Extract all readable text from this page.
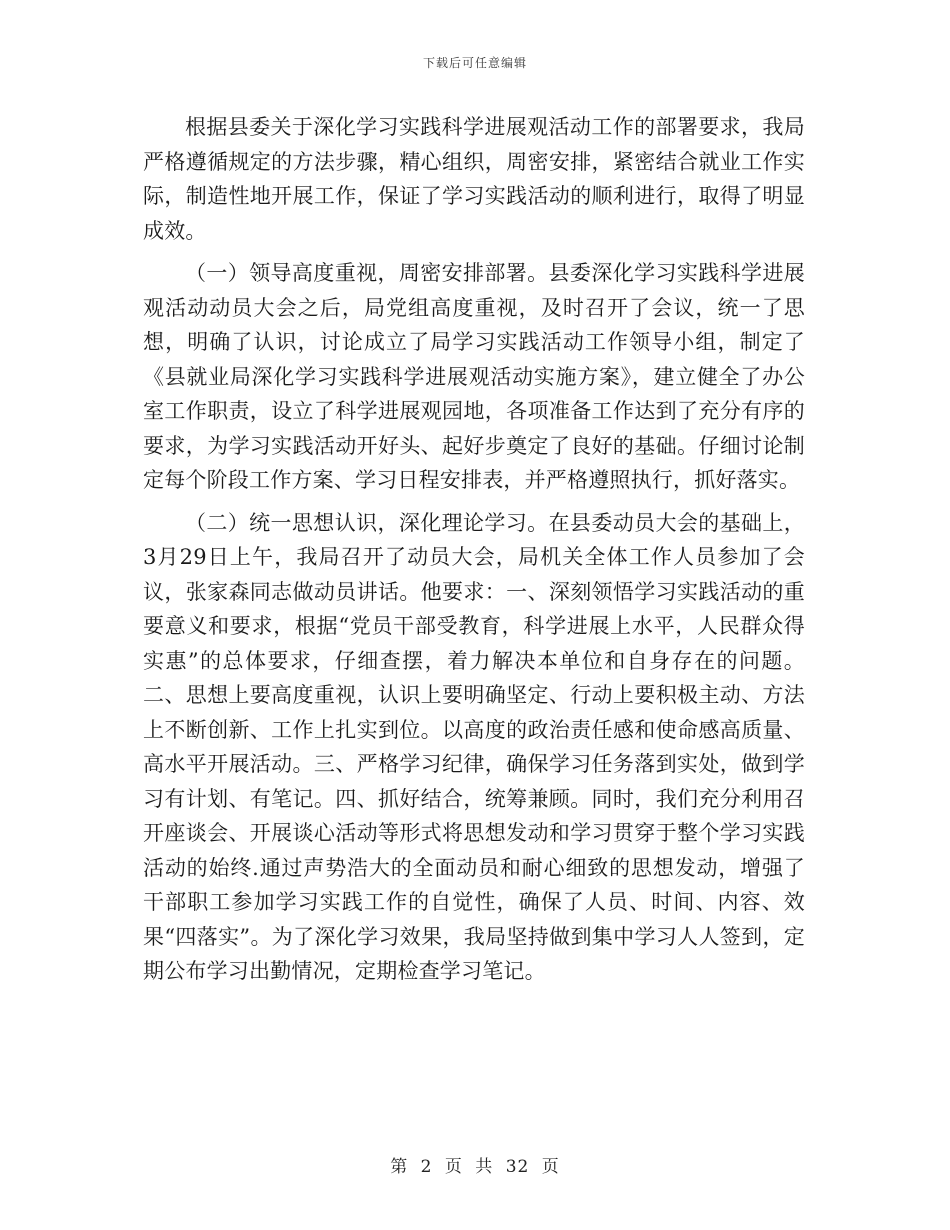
下载后可任意编辑

根据县委关于深化学习实践科学进展观活动工作的部署要求，我局严格遵循规定的方法步骤，精心组织，周密安排，紧密结合就业工作实际，制造性地开展工作，保证了学习实践活动的顺利进行，取得了明显成效。

（一）领导高度重视，周密安排部署。县委深化学习实践科学进展观活动动员大会之后，局党组高度重视，及时召开了会议，统一了思想，明确了认识，讨论成立了局学习实践活动工作领导小组，制定了《县就业局深化学习实践科学进展观活动实施方案》，建立健全了办公室工作职责，设立了科学进展观园地，各项准备工作达到了充分有序的要求，为学习实践活动开好头、起好步奠定了良好的基础。仔细讨论制定每个阶段工作方案、学习日程安排表，并严格遵照执行，抓好落实。

（二）统一思想认识，深化理论学习。在县委动员大会的基础上，3月29日上午，我局召开了动员大会，局机关全体工作人员参加了会议，张家森同志做动员讲话。他要求：一、深刻领悟学习实践活动的重要意义和要求，根据“党员干部受教育，科学进展上水平，人民群众得实惠”的总体要求，仔细查摆，着力解决本单位和自身存在的问题。二、思想上要高度重视，认识上要明确坚定、行动上要积极主动、方法上不断创新、工作上扎实到位。以高度的政治责任感和使命感高质量、高水平开展活动。三、严格学习纪律，确保学习任务落到实处，做到学习有计划、有笔记。四、抓好结合，统筹兼顾。同时，我们充分利用召开座谈会、开展谈心活动等形式将思想发动和学习贯穿于整个学习实践活动的始终.通过声势浩大的全面动员和耐心细致的思想发动，增强了干部职工参加学习实践工作的自觉性，确保了人员、时间、内容、效果“四落实”。为了深化学习效果，我局坚持做到集中学习人人签到，定期公布学习出勤情况，定期检查学习笔记。

第 2 页 共 32 页
